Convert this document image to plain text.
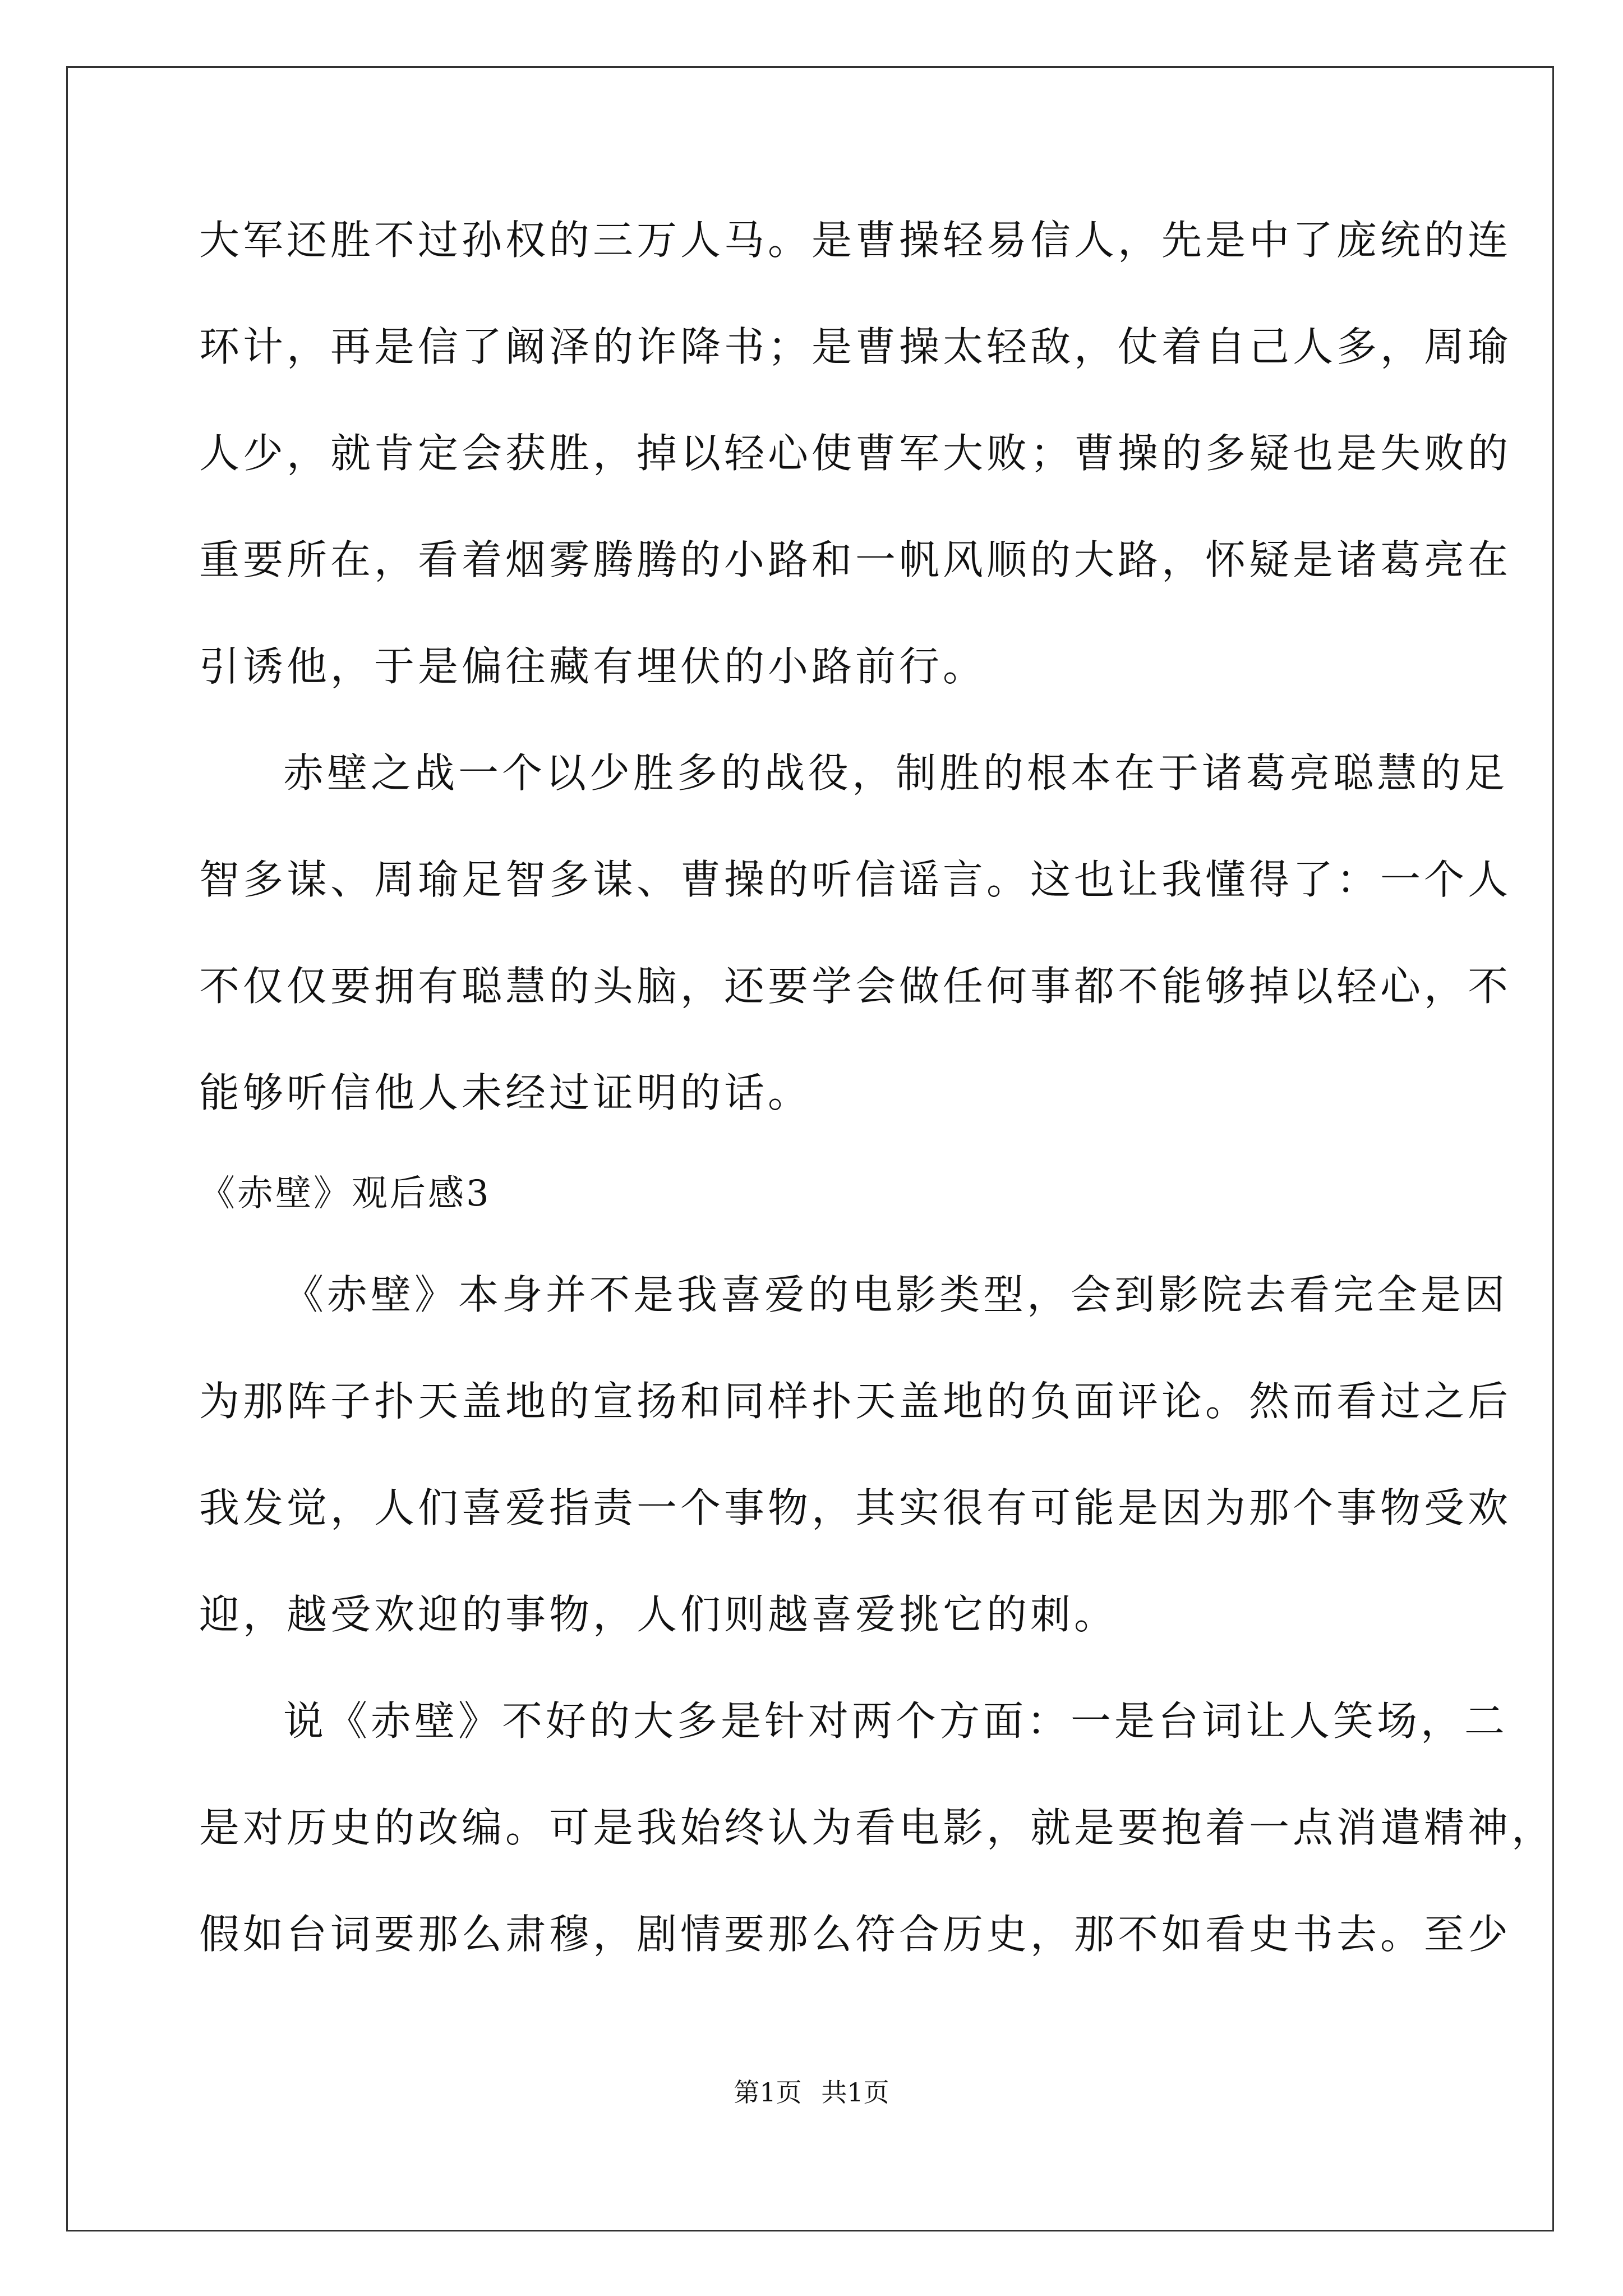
大军还胜不过孙权的三万人马。是曹操轻易信人，先是中了庞统的连
环计，再是信了阚泽的诈降书；是曹操太轻敌，仗着自己人多，周瑜
人少，就肯定会获胜，掉以轻心使曹军大败；曹操的多疑也是失败的
重要所在，看着烟雾腾腾的小路和一帆风顺的大路，怀疑是诸葛亮在
引诱他，于是偏往藏有埋伏的小路前行。
赤壁之战一个以少胜多的战役，制胜的根本在于诸葛亮聪慧的足
智多谋、周瑜足智多谋、曹操的听信谣言。这也让我懂得了：一个人
不仅仅要拥有聪慧的头脑，还要学会做任何事都不能够掉以轻心，不
能够听信他人未经过证明的话。
《赤壁》观后感3
《赤壁》本身并不是我喜爱的电影类型，会到影院去看完全是因
为那阵子扑天盖地的宣扬和同样扑天盖地的负面评论。然而看过之后
我发觉，人们喜爱指责一个事物，其实很有可能是因为那个事物受欢
迎，越受欢迎的事物，人们则越喜爱挑它的刺。
说《赤壁》不好的大多是针对两个方面：一是台词让人笑场，二
是对历史的改编。可是我始终认为看电影，就是要抱着一点消遣精神，
假如台词要那么肃穆，剧情要那么符合历史，那不如看史书去。至少
第1页 共1页
